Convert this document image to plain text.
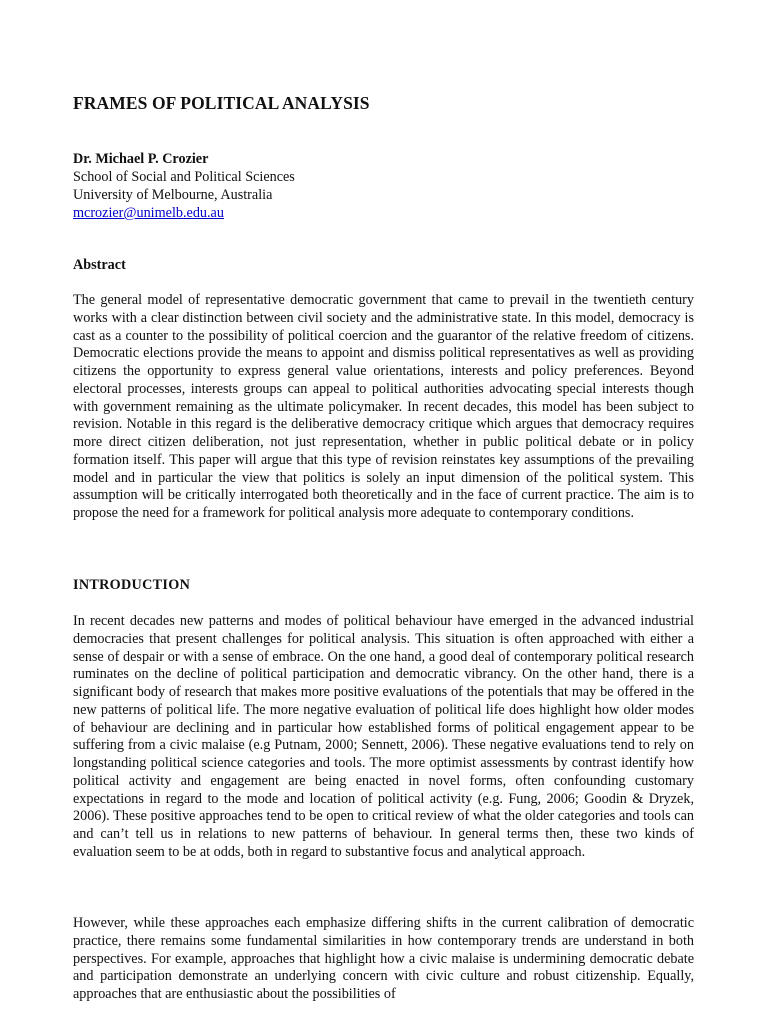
FRAMES OF POLITICAL ANALYSIS
Dr. Michael P. Crozier
School of Social and Political Sciences
University of Melbourne, Australia
mcrozier@unimelb.edu.au
Abstract

The general model of representative democratic government that came to prevail in the twentieth century works with a clear distinction between civil society and the administrative state. In this model, democracy is cast as a counter to the possibility of political coercion and the guarantor of the relative freedom of citizens. Democratic elections provide the means to appoint and dismiss political representatives as well as providing citizens the opportunity to express general value orientations, interests and policy preferences. Beyond electoral processes, interests groups can appeal to political authorities advocating special interests though with government remaining as the ultimate policymaker. In recent decades, this model has been subject to revision. Notable in this regard is the deliberative democracy critique which argues that democracy requires more direct citizen deliberation, not just representation, whether in public political debate or in policy formation itself. This paper will argue that this type of revision reinstates key assumptions of the prevailing model and in particular the view that politics is solely an input dimension of the political system. This assumption will be critically interrogated both theoretically and in the face of current practice. The aim is to propose the need for a framework for political analysis more adequate to contemporary conditions.

INTRODUCTION

In recent decades new patterns and modes of political behaviour have emerged in the advanced industrial democracies that present challenges for political analysis. This situation is often approached with either a sense of despair or with a sense of embrace. On the one hand, a good deal of contemporary political research ruminates on the decline of political participation and democratic vibrancy. On the other hand, there is a significant body of research that makes more positive evaluations of the potentials that may be offered in the new patterns of political life. The more negative evaluation of political life does highlight how older modes of behaviour are declining and in particular how established forms of political engagement appear to be suffering from a civic malaise (e.g Putnam, 2000; Sennett, 2006). These negative evaluations tend to rely on longstanding political science categories and tools. The more optimist assessments by contrast identify how political activity and engagement are being enacted in novel forms, often confounding customary expectations in regard to the mode and location of political activity (e.g. Fung, 2006; Goodin & Dryzek, 2006). These positive approaches tend to be open to critical review of what the older categories and tools can and can’t tell us in relations to new patterns of behaviour. In general terms then, these two kinds of evaluation seem to be at odds, both in regard to substantive focus and analytical approach.

However, while these approaches each emphasize differing shifts in the current calibration of democratic practice, there remains some fundamental similarities in how contemporary trends are understand in both perspectives. For example, approaches that highlight how a civic malaise is undermining democratic debate and participation demonstrate an underlying concern with civic culture and robust citizenship. Equally, approaches that are enthusiastic about the possibilities of
